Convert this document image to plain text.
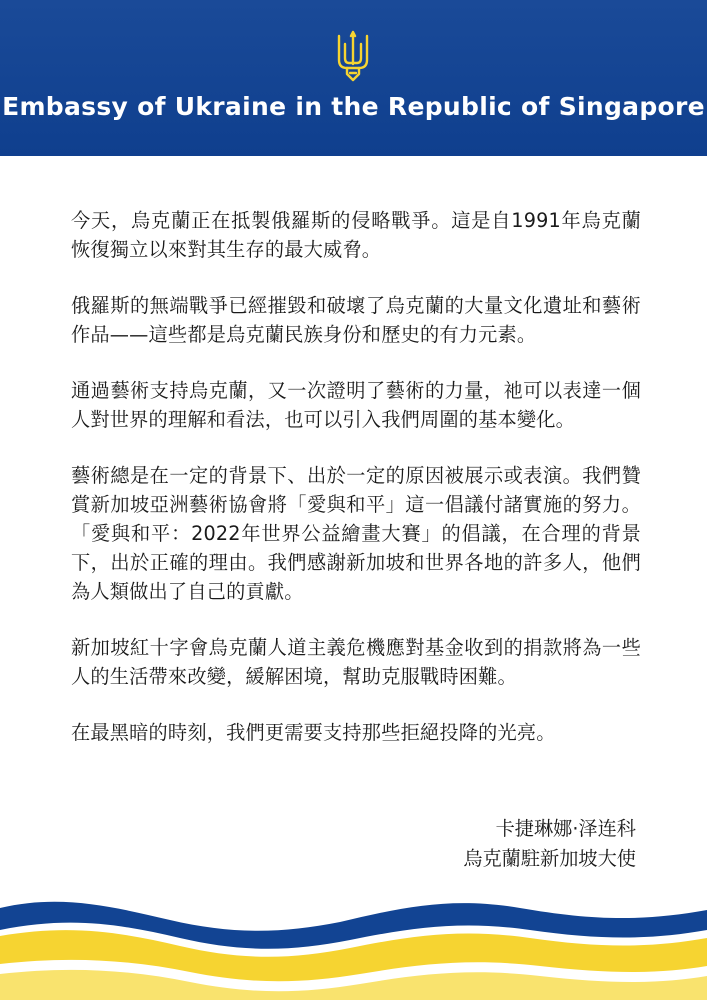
Embassy of Ukraine in the Republic of Singapore

今天，烏克蘭正在抵製俄羅斯的侵略戰爭。這是自1991年烏克蘭恢復獨立以來對其生存的最大威脅。

俄羅斯的無端戰爭已經摧毀和破壞了烏克蘭的大量文化遺址和藝術作品——這些都是烏克蘭民族身份和歷史的有力元素。

通過藝術支持烏克蘭，又一次證明了藝術的力量，祂可以表達一個人對世界的理解和看法，也可以引入我們周圍的基本變化。

藝術總是在一定的背景下、出於一定的原因被展示或表演。我們贊賞新加坡亞洲藝術協會將「愛與和平」這一倡議付諸實施的努力。「愛與和平：2022年世界公益繪畫大賽」的倡議，在合理的背景下，出於正確的理由。我們感謝新加坡和世界各地的許多人，他們為人類做出了自己的貢獻。

新加坡紅十字會烏克蘭人道主義危機應對基金收到的捐款將為一些人的生活帶來改變，緩解困境，幫助克服戰時困難。

在最黑暗的時刻，我們更需要支持那些拒絕投降的光亮。

卡捷琳娜·泽连科
烏克蘭駐新加坡大使
